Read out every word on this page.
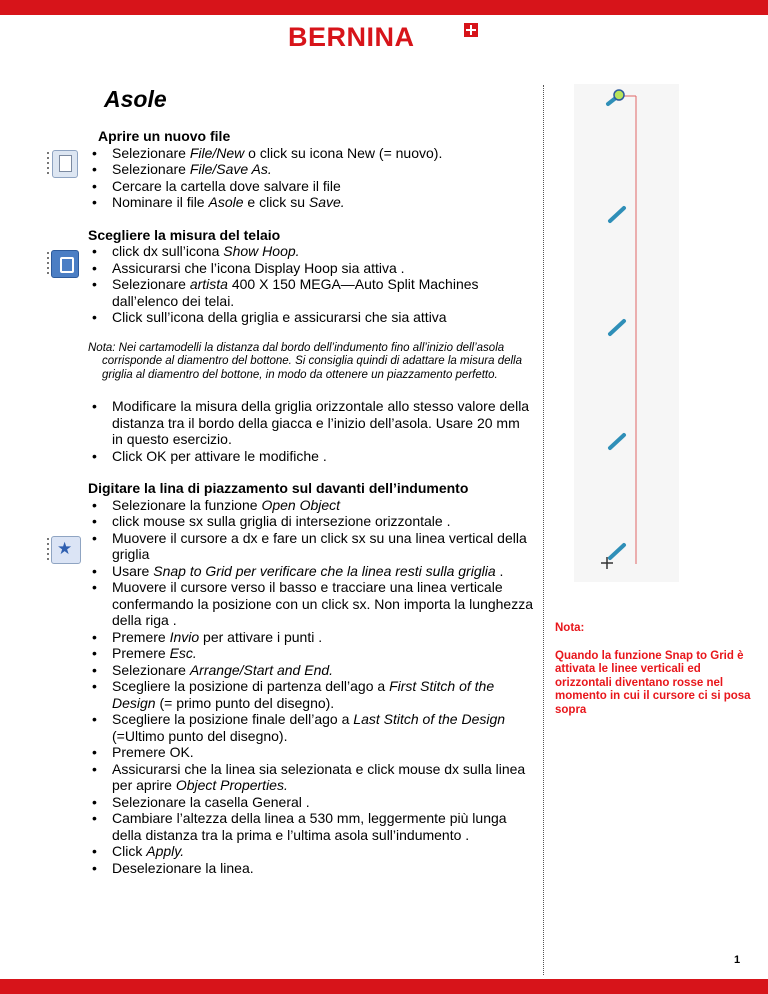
BERNINA
Asole
★
Aprire un nuovo file
• Selezionare File/New o click su icona New (= nuovo).
• Selezionare File/Save As.
• Cercare la cartella dove salvare il file
• Nominare il file Asole e click su Save.
Scegliere la misura del telaio
• click dx sull’icona Show Hoop.
• Assicurarsi che l’icona Display Hoop sia attiva .
• Selezionare artista 400 X 150 MEGA—Auto Split Machines dall’elenco dei telai.
• Click sull’icona della griglia e assicurarsi che sia attiva
Nota: Nei cartamodelli la distanza dal bordo dell’indumento fino all’inizio dell’asola corrisponde al diamentro del bottone. Si consiglia quindi di adattare la misura della griglia al diamentro del bottone, in modo da ottenere un piazzamento perfetto.
• Modificare la misura della griglia orizzontale allo stesso valore della distanza tra il bordo della giacca e l’inizio dell’asola. Usare 20 mm in questo esercizio.
• Click OK per attivare le modifiche .
Digitare la lina di piazzamento sul davanti dell’indumento
• Selezionare la funzione Open Object
• click mouse sx sulla griglia di intersezione orizzontale .
• Muovere il cursore a dx e fare un click sx su una linea vertical della griglia
• Usare Snap to Grid per verificare che la linea resti sulla griglia .
• Muovere il cursore verso il basso e tracciare una linea verticale confermando la posizione con un click sx. Non importa la lunghezza della riga .
• Premere Invio per attivare i punti .
• Premere Esc.
• Selezionare Arrange/Start and End.
• Scegliere la posizione di partenza dell’ago a First Stitch of the Design (= primo punto del disegno).
• Scegliere la posizione finale dell’ago a Last Stitch of the Design (=Ultimo punto del disegno).
• Premere OK.
• Assicurarsi che la linea sia selezionata e click mouse dx sulla linea per aprire Object Properties.
• Selezionare la casella General .
• Cambiare l’altezza della linea a 530 mm, leggermente più lunga della distanza tra la prima e l’ultima asola sull’indumento .
• Click Apply.
• Deselezionare la linea.
Nota:
Quando la funzione Snap to Grid è attivata le linee verticali ed orizzontali diventano rosse nel momento in cui il cursore ci si posa sopra
1
